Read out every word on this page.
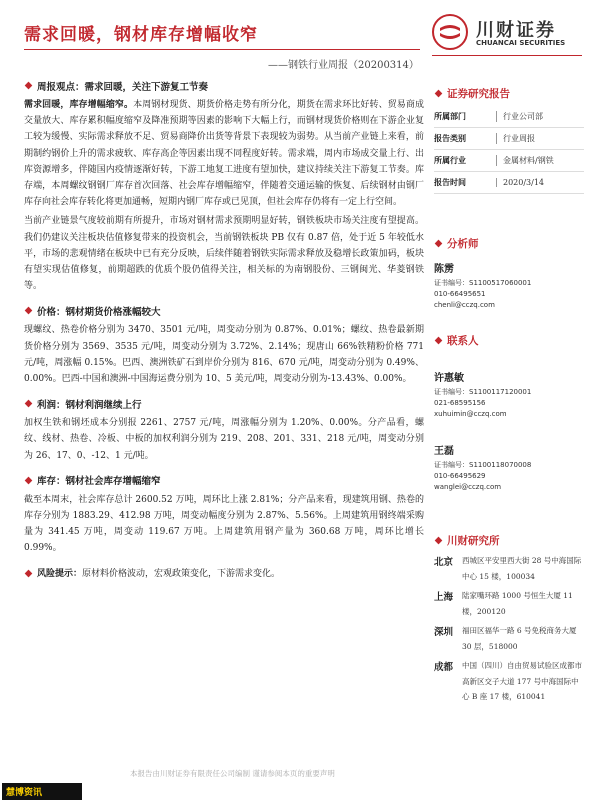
需求回暖，钢材库存增幅收窄
——钢铁行业周报（20200314）
川财证券
CHUANCAI SECURITIES
周报观点：需求回暖，关注下游复工节奏
需求回暖，库存增幅缩窄。本周钢材现货、期货价格走势有所分化，期货在需求环比好转、贸易商成交量放大、库存累积幅度缩窄及降准预期等因素的影响下大幅上行，而钢材现货价格则在下游企业复工较为缓慢、实际需求释放不足、贸易商降价出货等背景下表现较为弱势。从当前产业链上来看，前期制约钢价上升的需求疲软、库存高企等因素出现不同程度好转。需求端，周内市场成交量上行、出库资源增多，伴随国内疫情逐渐好转，下游工地复工进度有望加快，建议持续关注下游复工节奏。库存端，本周螺纹钢钢厂库存首次回落、社会库存增幅缩窄，伴随着交通运输的恢复、后续钢材由钢厂库存向社会库存转化将更加通畅，短期内钢厂库存或已见顶，但社会库存仍将有一定上行空间。
当前产业链景气度较前期有所提升，市场对钢材需求预期明显好转，钢铁板块市场关注度有望提高。我们仍建议关注板块估值修复带来的投资机会，当前钢铁板块 PB 仅有 0.87 倍，处于近 5 年较低水平，市场的悲观情绪在板块中已有充分反映，后续伴随着钢铁实际需求释放及稳增长政策加码，板块有望实现估值修复，前期超跌的优质个股仍值得关注，相关标的为南钢股份、三钢闽光、华菱钢铁等。
价格：钢材期货价格涨幅较大
现螺纹、热卷价格分别为 3470、3501 元/吨，周变动分别为 0.87%、0.01%；螺纹、热卷最新期货价格分别为 3569、3535 元/吨，周变动分别为 3.72%、2.14%；现唐山 66%铁精粉价格 771 元/吨，周涨幅 0.15%。巴西、澳洲铁矿石到岸价分别为 816、670 元/吨，周变动分别为 0.49%、0.00%。巴西-中国和澳洲-中国海运费分别为 10、5 美元/吨，周变动分别为-13.43%、0.00%。
利润：钢材利润继续上行
加权生铁和钢坯成本分别报 2261、2757 元/吨，周涨幅分别为 1.20%、0.00%。分产品看，螺纹、线材、热卷、冷板、中板的加权利润分别为 219、208、201、331、218 元/吨，周变动分别为 26、17、0、-12、1 元/吨。
库存：钢材社会库存增幅缩窄
截至本周末，社会库存总计 2600.52 万吨，周环比上涨 2.81%；分产品来看，现建筑用钢、热卷的库存分别为 1883.29、412.98 万吨，周变动幅度分别为 2.87%、5.56%。上周建筑用钢终端采购量为 341.45 万吨，周变动 119.67 万吨。上周建筑用钢产量为 360.68 万吨，周环比增长 0.99%。
风险提示： 原材料价格波动，宏观政策变化，下游需求变化。
证券研究报告
所属部门	行业公司部
报告类别	行业周报
所属行业	金属材料/钢铁
报告时间	2020/3/14
分析师
陈雳
证书编号：S1100517060001
010-66495651
chenli@cczq.com
联系人
许惠敏
证书编号：S1100117120001
021-68595156
xuhuimin@cczq.com
王磊
证书编号：S1100118070008
010-66495629
wanglei@cczq.com
川财研究所
北京	西城区平安里西大街 28 号中海国际中心 15 楼，100034
上海	陆家嘴环路 1000 号恒生大厦 11 楼，200120
深圳	福田区福华一路 6 号免税商务大厦 30 层，518000
成都	中国（四川）自由贸易试验区成都市高新区交子大道 177 号中海国际中心 B 座 17 楼，610041
本报告由川财证券有限责任公司编制 谨请参阅本页的重要声明
慧博资讯
